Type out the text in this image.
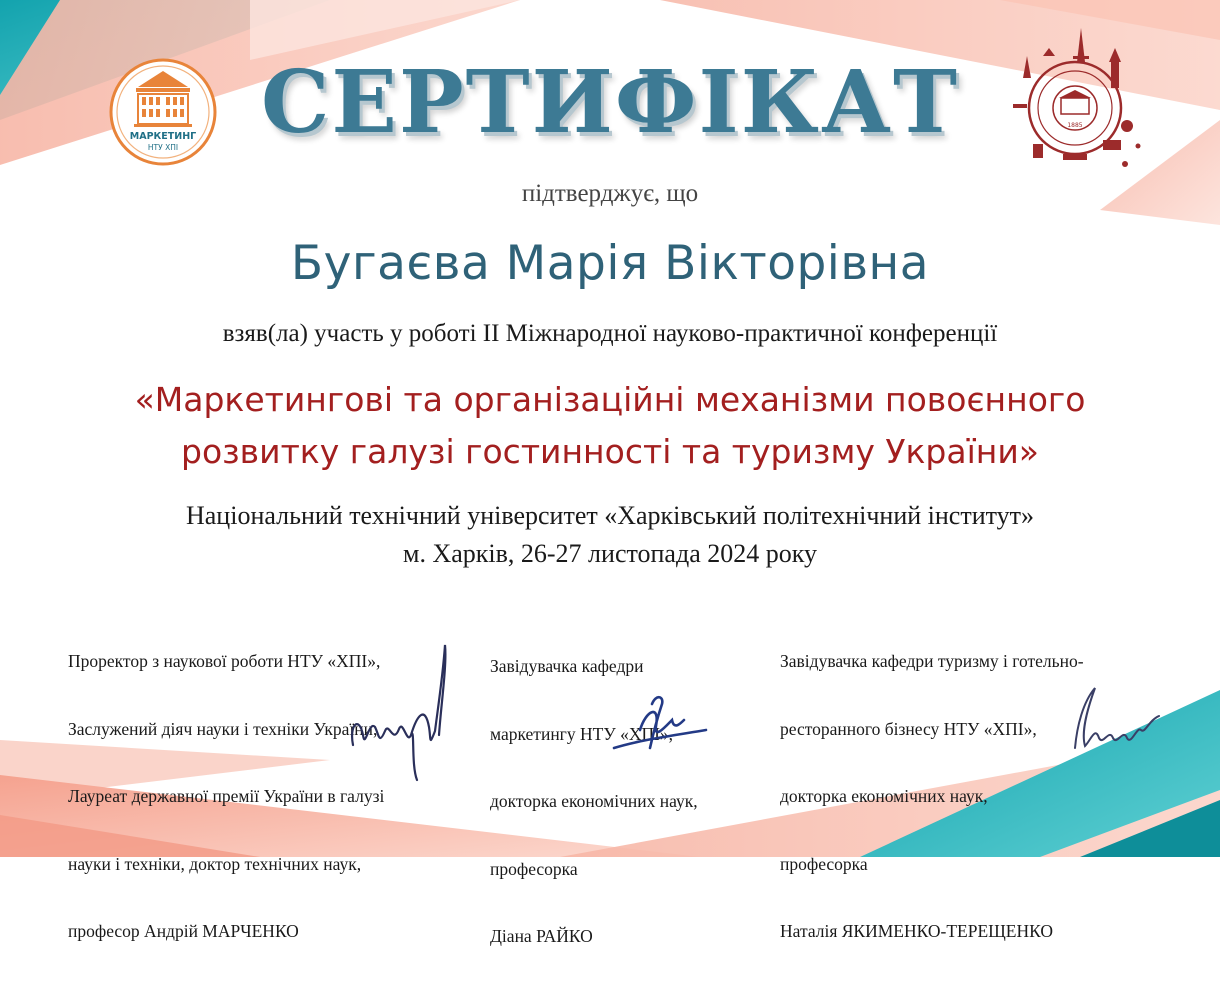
МАРКЕТИНГ
НТУ ХПІ
1885
СЕРТИФІКАТ
підтверджує, що
Бугаєва Марія Вікторівна
взяв(ла) участь у роботі ІІ Міжнародної науково-практичної конференції
«Маркетингові та організаційні механізми повоєнного
розвитку галузі гостинності та туризму України»
Національний технічний університет «Харківський політехнічний інститут»
м. Харків, 26-27 листопада 2024 року

Проректор з наукової роботи НТУ «ХПІ»,

Заслужений діяч науки і техніки України,

Лауреат державної премії України в галузі

науки і техніки, доктор технічних наук,

професор Андрій МАРЧЕНКО

Завідувачка кафедри

маркетингу НТУ «ХПІ»,

докторка економічних наук,

професорка

Діана РАЙКО

Завідувачка кафедри туризму і готельно-

ресторанного бізнесу НТУ «ХПІ»,

докторка економічних наук,

професорка

Наталія ЯКИМЕНКО-ТЕРЕЩЕНКО
